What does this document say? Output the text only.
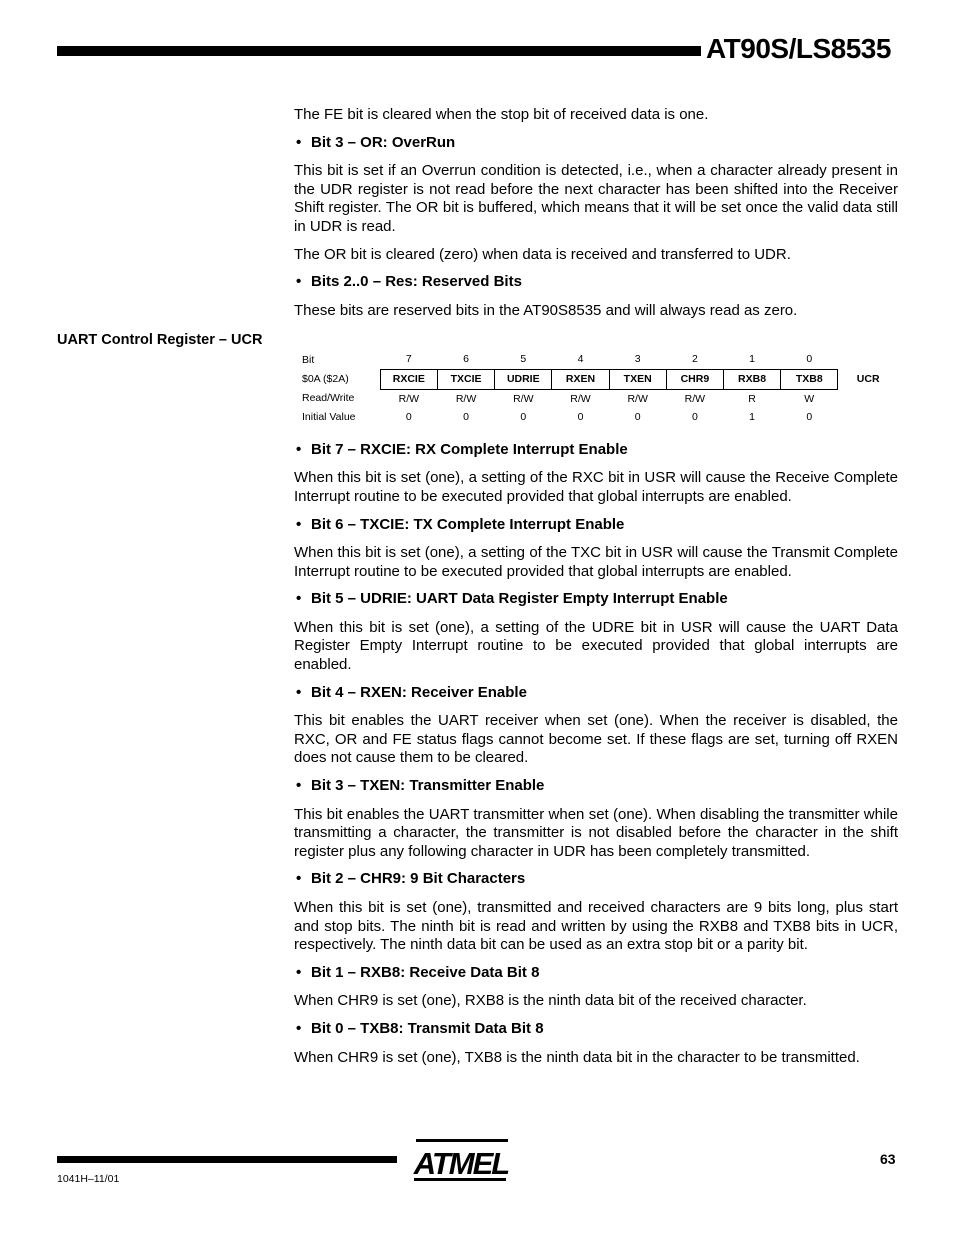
AT90S/LS8535
UART Control Register – UCR

The FE bit is cleared when the stop bit of received data is one.

• Bit 3 – OR: OverRun

This bit is set if an Overrun condition is detected, i.e., when a character already present in the UDR register is not read before the next character has been shifted into the Receiver Shift register. The OR bit is buffered, which means that it will be set once the valid data still in UDR is read.

The OR bit is cleared (zero) when data is received and transferred to UDR.

• Bits 2..0 – Res: Reserved Bits

These bits are reserved bits in the AT90S8535 and will always read as zero.

Bit	7	6	5	4	3	2	1	0	
$0A ($2A)	RXCIE	TXCIE	UDRIE	RXEN	TXEN	CHR9	RXB8	TXB8	UCR
Read/Write	R/W	R/W	R/W	R/W	R/W	R/W	R	W	
Initial Value	0	0	0	0	0	0	1	0	
• Bit 7 – RXCIE: RX Complete Interrupt Enable

When this bit is set (one), a setting of the RXC bit in USR will cause the Receive Complete Interrupt routine to be executed provided that global interrupts are enabled.

• Bit 6 – TXCIE: TX Complete Interrupt Enable

When this bit is set (one), a setting of the TXC bit in USR will cause the Transmit Complete Interrupt routine to be executed provided that global interrupts are enabled.

• Bit 5 – UDRIE: UART Data Register Empty Interrupt Enable

When this bit is set (one), a setting of the UDRE bit in USR will cause the UART Data Register Empty Interrupt routine to be executed provided that global interrupts are enabled.

• Bit 4 – RXEN: Receiver Enable

This bit enables the UART receiver when set (one). When the receiver is disabled, the RXC, OR and FE status flags cannot become set. If these flags are set, turning off RXEN does not cause them to be cleared.

• Bit 3 – TXEN: Transmitter Enable

This bit enables the UART transmitter when set (one). When disabling the transmitter while transmitting a character, the transmitter is not disabled before the character in the shift register plus any following character in UDR has been completely transmitted.

• Bit 2 – CHR9: 9 Bit Characters

When this bit is set (one), transmitted and received characters are 9 bits long, plus start and stop bits. The ninth bit is read and written by using the RXB8 and TXB8 bits in UCR, respectively. The ninth data bit can be used as an extra stop bit or a parity bit.

• Bit 1 – RXB8: Receive Data Bit 8

When CHR9 is set (one), RXB8 is the ninth data bit of the received character.

• Bit 0 – TXB8: Transmit Data Bit 8

When CHR9 is set (one), TXB8 is the ninth data bit in the character to be transmitted.

ATMEL	63
1041H–11/01
